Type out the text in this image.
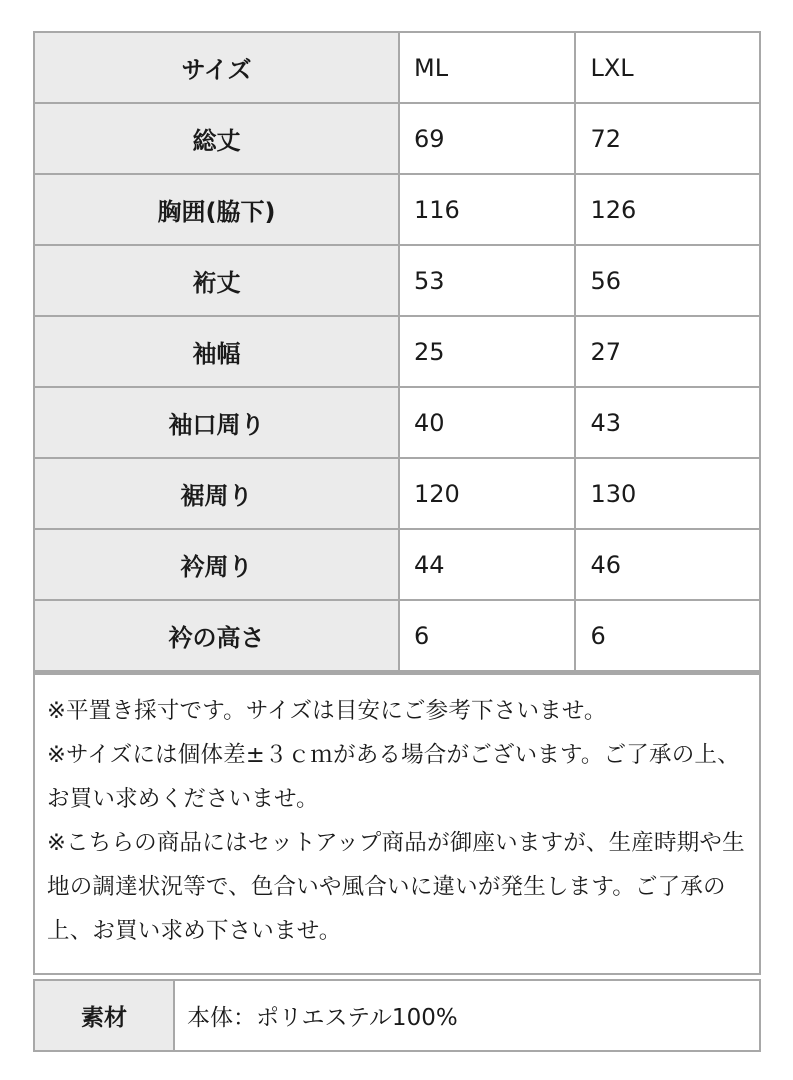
サイズ	ML	LXL
総丈	69	72
胸囲(脇下)	116	126
裄丈	53	56
袖幅	25	27
袖口周り	40	43
裾周り	120	130
衿周り	44	46
衿の高さ	6	6

※平置き採寸です。サイズは目安にご参考下さいませ。

※サイズには個体差±３ｃｍがある場合がございます。ご了承の上、お買い求めくださいませ。

※こちらの商品にはセットアップ商品が御座いますが、生産時期や生地の調達状況等で、色合いや風合いに違いが発生します。ご了承の上、お買い求め下さいませ。

素材	本体：ポリエステル100%
